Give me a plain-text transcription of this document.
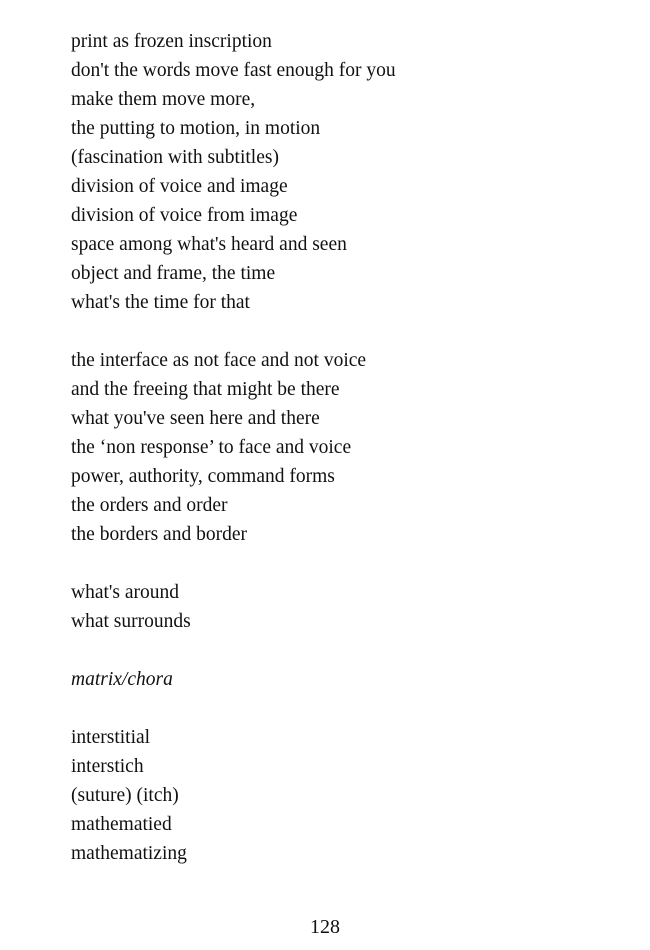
print as frozen inscription
don't the words move fast enough for you
make them move more,
the putting to motion, in motion
(fascination with subtitles)
division of voice and image
division of voice from image
space among what's heard and seen
object and frame, the time
what's the time for that
the interface as not face and not voice
and the freeing that might be there
what you've seen here and there
the ‘non response’ to face and voice
power, authority, command forms
the orders and order
the borders and border
what's around
what surrounds
matrix/chora
interstitial
interstich
(suture) (itch)
mathematied
mathematizing
128
